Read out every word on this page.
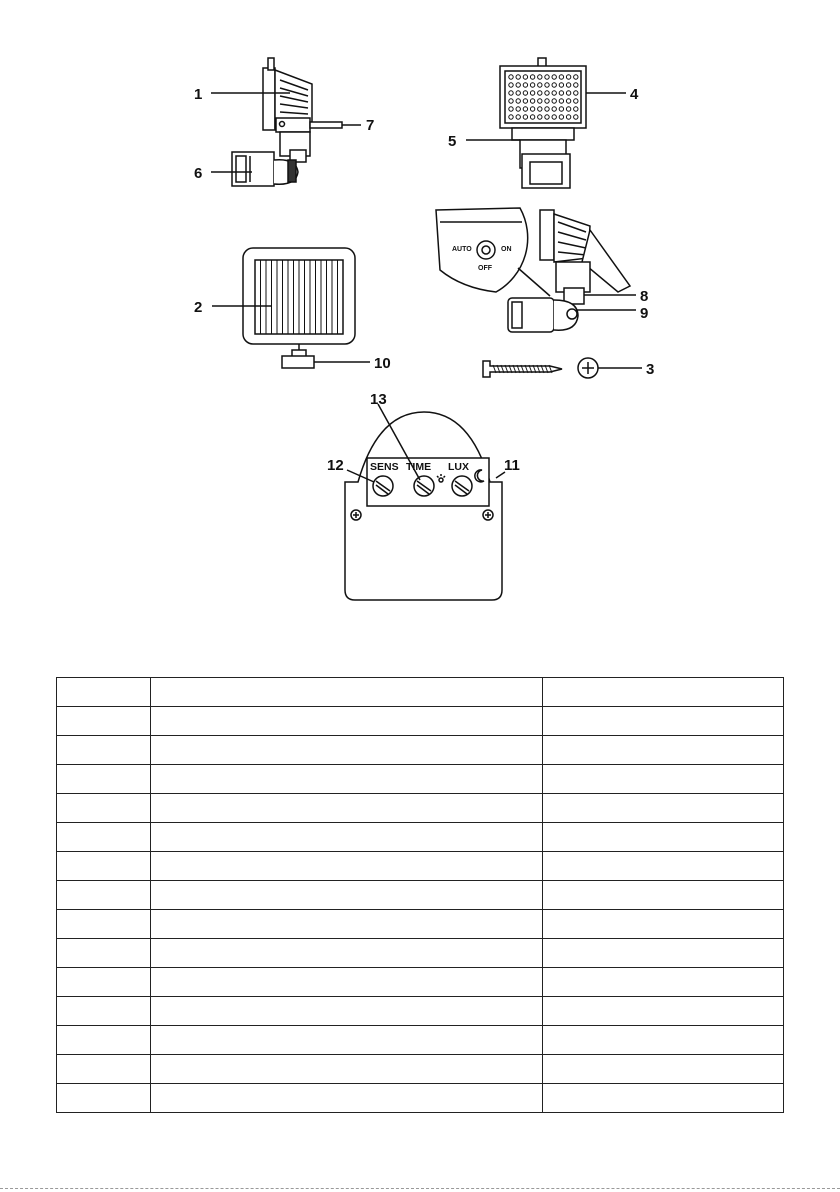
1
7
6
4
5
2
10
AUTO	ON
OFF
8
9
3
SENS TIME LUX
13
12	11
